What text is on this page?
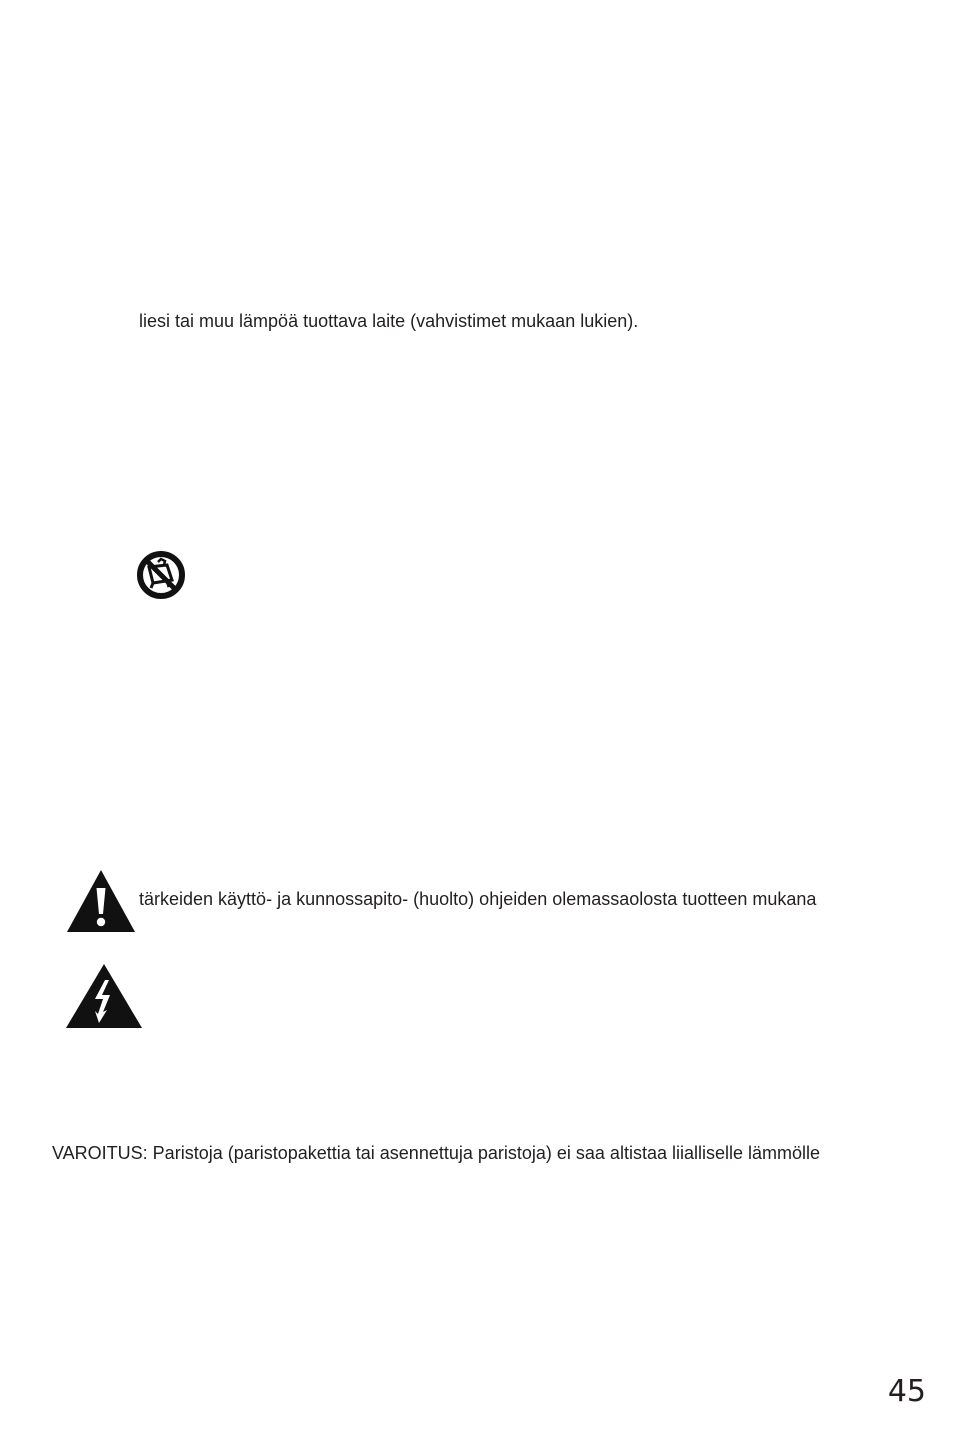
liesi tai muu lämpöä tuottava laite (vahvistimet mukaan lukien).
tärkeiden käyttö- ja kunnossapito- (huolto) ohjeiden olemassaolosta tuotteen mukana
VAROITUS: Paristoja (paristopakettia tai asennettuja paristoja) ei saa altistaa liialliselle lämmölle
45
